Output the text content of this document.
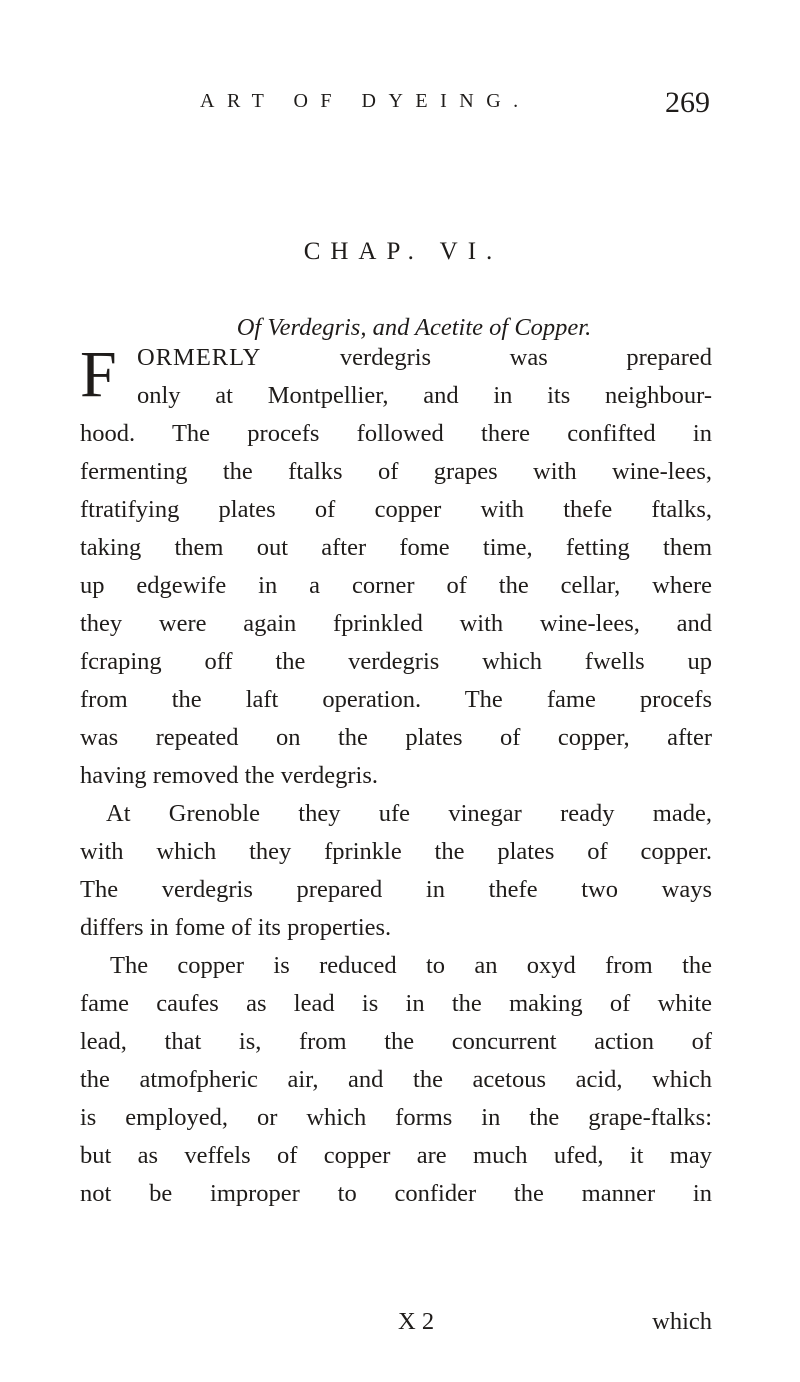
ART OF DYEING.	269
CHAP. VI.
Of Verdegris, and Acetite of Copper.
F ORMERLY	verdegris was prepared
only at Montpellier, and in its neighbour-
hood. The procefs followed there confifted in
fermenting the ftalks of grapes with wine-lees,
ftratifying plates of copper with thefe ftalks,
taking them out after fome time, fetting them
up edgewife in a corner of the cellar, where
they were again fprinkled with wine-lees, and
fcraping off the verdegris which fwells up
from the laft operation. The fame procefs
was repeated on the plates of copper, after
having removed the verdegris.
At Grenoble they ufe vinegar ready made,
with which they fprinkle the plates of copper.
The verdegris prepared in thefe two ways
differs in fome of its properties.
The copper is reduced to an oxyd from the
fame caufes as lead is in the making of white
lead, that is, from the concurrent action of
the atmofpheric air, and the acetous acid, which
is employed, or which forms in the grape-ftalks:
but as veffels of copper are much ufed, it may
not be improper to confider the manner in
X 2	which
